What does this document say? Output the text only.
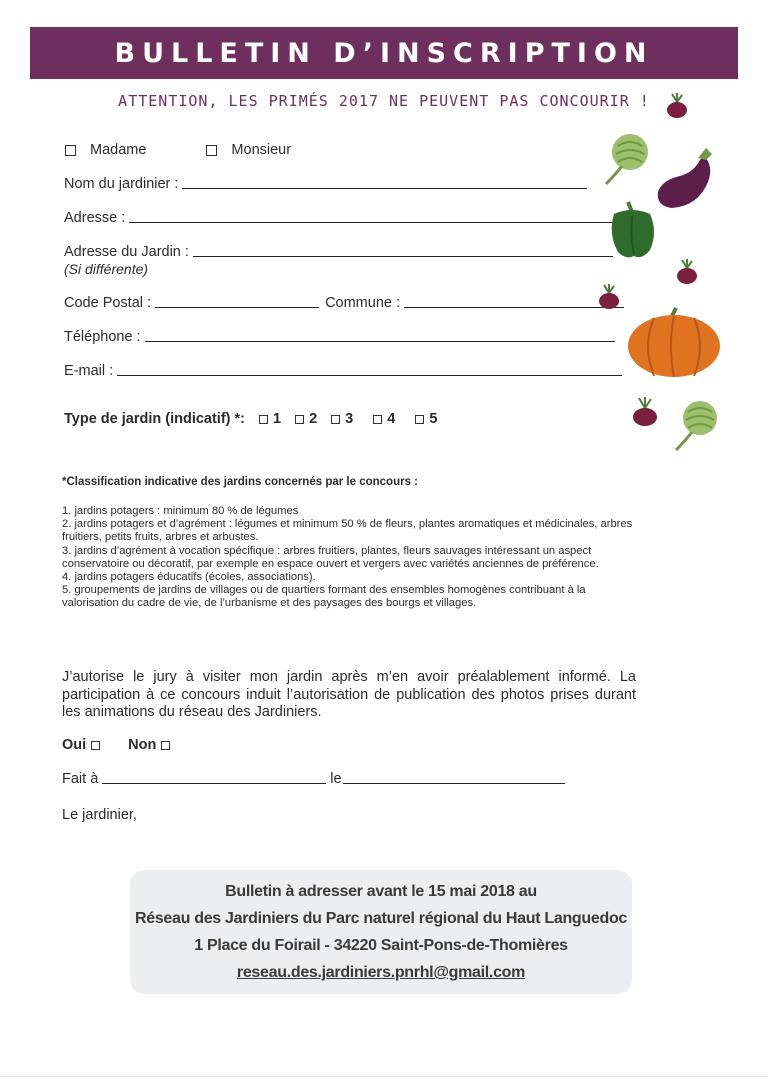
BULLETIN D’INSCRIPTION
ATTENTION, LES PRIMÉS 2017 NE PEUVENT PAS CONCOURIR !
Madame	Monsieur
Nom du jardinier :
Adresse :
Adresse du Jardin :
(Si différente)
Code Postal :	Commune :
Téléphone :
E-mail :
Type de jardin (indicatif) *: 1 2 3 4 5
*Classification indicative des jardins concernés par le concours :
1. jardins potagers : minimum 80 % de légumes
2. jardins potagers et d’agrément : légumes et minimum 50 % de fleurs, plantes aromatiques et médicinales, arbres fruitiers, petits fruits, arbres et arbustes.
3. jardins d’agrément à vocation spécifique : arbres fruitiers, plantes, fleurs sauvages intéressant un aspect conservatoire ou décoratif, par exemple en espace ouvert et vergers avec variétés anciennes de préférence.
4. jardins potagers éducatifs (écoles, associations).
5. groupements de jardins de villages ou de quartiers formant des ensembles homogènes contribuant à la valorisation du cadre de vie, de l’urbanisme et des paysages des bourgs et villages.
J’autorise le jury à visiter mon jardin après m’en avoir préalablement informé. La participation à ce concours induit l’autorisation de publication des photos prises durant les animations du réseau des Jardiniers.
Oui	Non
Fait à	le
Le jardinier,
Bulletin à adresser avant le 15 mai 2018 au
Réseau des Jardiniers du Parc naturel régional du Haut Languedoc
1 Place du Foirail - 34220 Saint-Pons-de-Thomières
reseau.des.jardiniers.pnrhl@gmail.com
